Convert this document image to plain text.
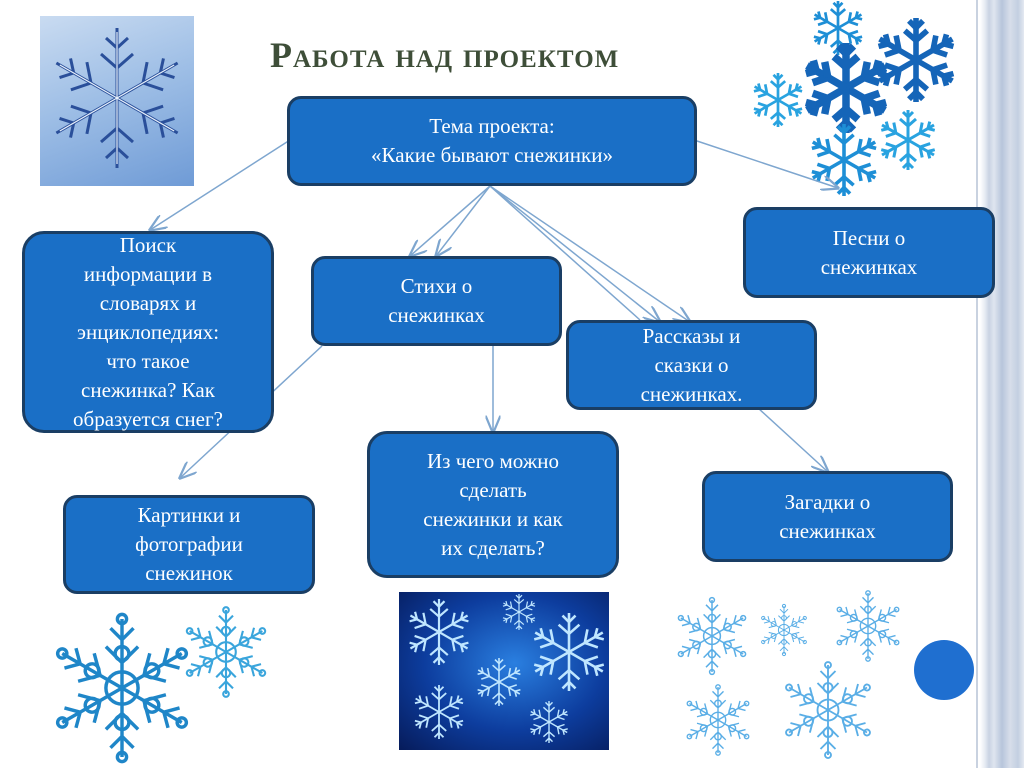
Работа над проектом
Тема проекта:
«Какие бывают снежинки»
Поиск
информации в
словарях и
энциклопедиях:
что такое
снежинка? Как
образуется снег?
Стихи о
снежинках
Песни о
снежинках
Рассказы и
сказки о
снежинках.
Картинки и
фотографии
снежинок
Из чего можно
сделать
снежинки и как
их сделать?
Загадки о
снежинках
